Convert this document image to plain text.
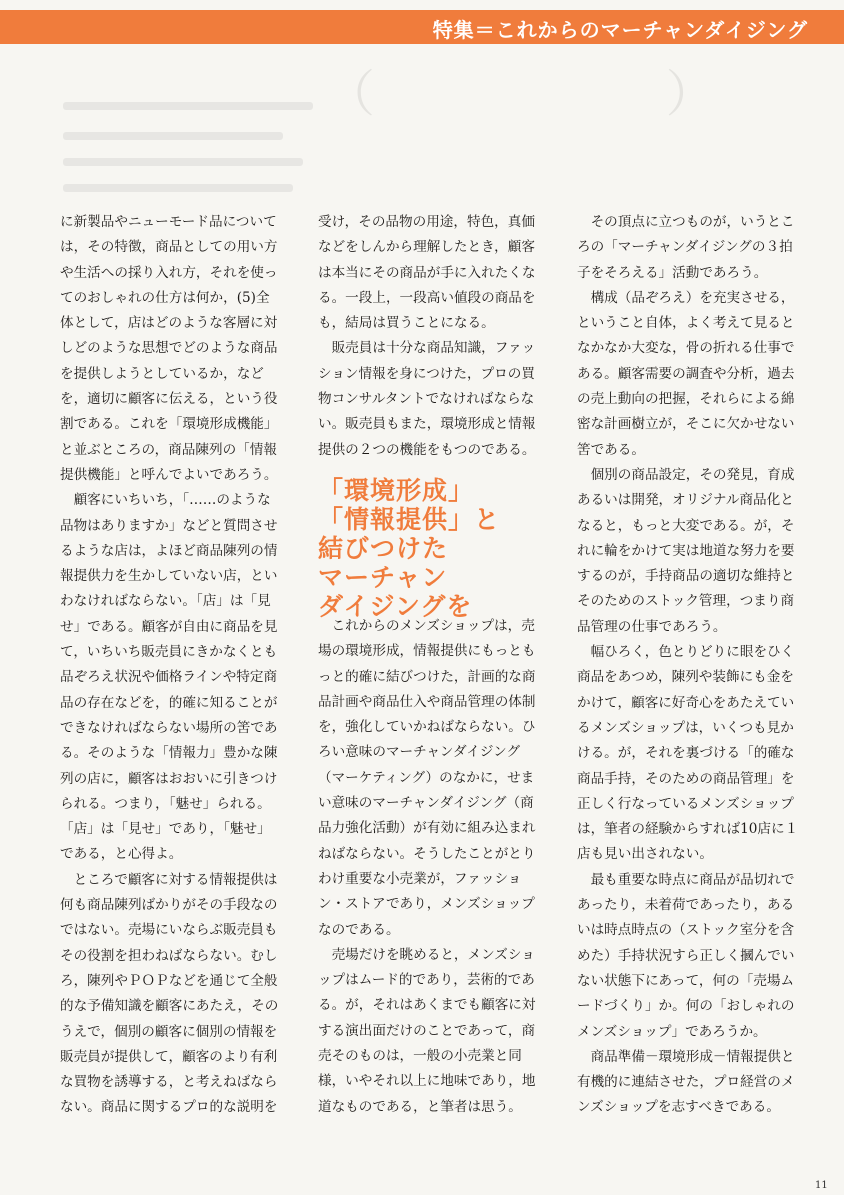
特集＝これからのマーチャンダイジング
（             ）

に新製品やニューモード品については，その特徴，商品としての用い方や生活への採り入れ方，それを使ってのおしゃれの仕方は何か，(5)全体として，店はどのような客層に対しどのような思想でどのような商品を提供しようとしているか，などを，適切に顧客に伝える，という役割である。これを「環境形成機能」と並ぶところの，商品陳列の「情報提供機能」と呼んでよいであろう。

顧客にいちいち，「……のような品物はありますか」などと質問させるような店は，よほど商品陳列の情報提供力を生かしていない店，といわなければならない。「店」は「見せ」である。顧客が自由に商品を見て，いちいち販売員にきかなくとも品ぞろえ状況や価格ラインや特定商品の存在などを，的確に知ることができなければならない場所の筈である。そのような「情報力」豊かな陳列の店に，顧客はおおいに引きつけられる。つまり，「魅せ」られる。「店」は「見せ」であり，「魅せ」である，と心得よ。

ところで顧客に対する情報提供は何も商品陳列ばかりがその手段なのではない。売場にいならぶ販売員もその役割を担わねばならない。むしろ，陳列やＰＯＰなどを通じて全般的な予備知識を顧客にあたえ，そのうえで，個別の顧客に個別の情報を販売員が提供して，顧客のより有利な買物を誘導する，と考えねばならない。商品に関するプロ的な説明を

受け，その品物の用途，特色，真価などをしんから理解したとき，顧客は本当にその商品が手に入れたくなる。一段上，一段高い値段の商品をも，結局は買うことになる。

販売員は十分な商品知識，ファッション情報を身につけた，プロの買物コンサルタントでなければならない。販売員もまた，環境形成と情報提供の２つの機能をもつのである。

「環境形成」
「情報提供」と
結びつけた
マーチャン
ダイジングを

これからのメンズショップは，売場の環境形成，情報提供にもっともっと的確に結びつけた，計画的な商品計画や商品仕入や商品管理の体制を，強化していかねばならない。ひろい意味のマーチャンダイジング（マーケティング）のなかに，せまい意味のマーチャンダイジング（商品力強化活動）が有効に組み込まれねばならない。そうしたことがとりわけ重要な小売業が，ファッション・ストアであり，メンズショップなのである。

売場だけを眺めると，メンズショップはムード的であり，芸術的である。が，それはあくまでも顧客に対する演出面だけのことであって，商売そのものは，一般の小売業と同様，いやそれ以上に地味であり，地道なものである，と筆者は思う。

その頂点に立つものが，いうところの「マーチャンダイジングの３拍子をそろえる」活動であろう。

構成（品ぞろえ）を充実させる，ということ自体，よく考えて見るとなかなか大変な，骨の折れる仕事である。顧客需要の調査や分析，過去の売上動向の把握，それらによる綿密な計画樹立が，そこに欠かせない筈である。

個別の商品設定，その発見，育成あるいは開発，オリジナル商品化となると，もっと大変である。が，それに輪をかけて実は地道な努力を要するのが，手持商品の適切な維持とそのためのストック管理，つまり商品管理の仕事であろう。

幅ひろく，色とりどりに眼をひく商品をあつめ，陳列や装飾にも金をかけて，顧客に好奇心をあたえているメンズショップは，いくつも見かける。が，それを裏づける「的確な商品手持，そのための商品管理」を正しく行なっているメンズショップは，筆者の経験からすれば10店に１店も見い出されない。

最も重要な時点に商品が品切れであったり，未着荷であったり，あるいは時点時点の（ストック室分を含めた）手持状況すら正しく摑んでいない状態下にあって，何の「売場ムードづくり」か。何の「おしゃれのメンズショップ」であろうか。

商品準備－環境形成－情報提供と有機的に連結させた，プロ経営のメンズショップを志すべきである。

11
